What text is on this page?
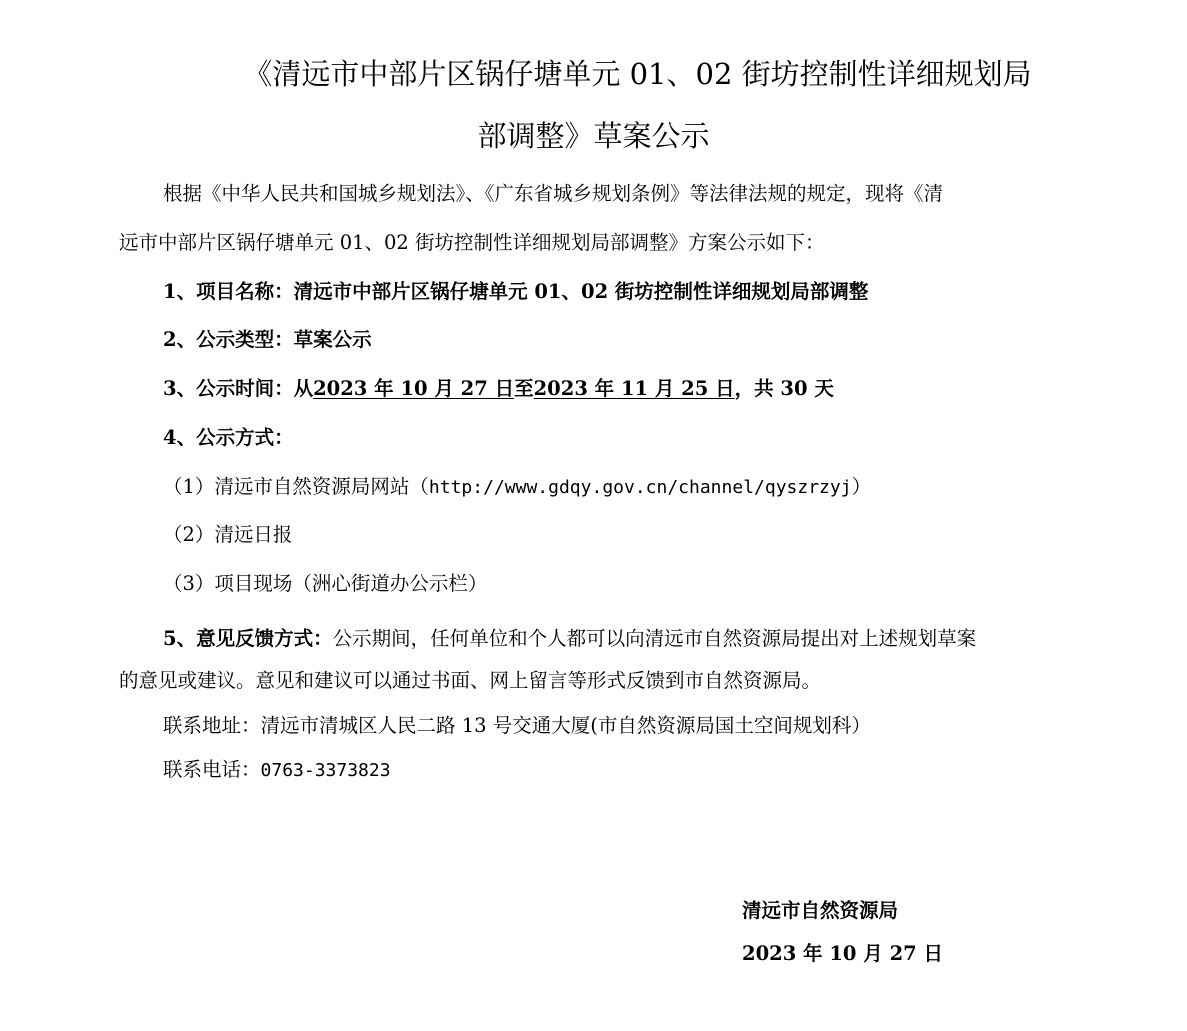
《清远市中部片区锅仔塘单元 01、02 街坊控制性详细规划局
部调整》草案公示
根据《中华人民共和国城乡规划法》、《广东省城乡规划条例》等法律法规的规定，现将《清
远市中部片区锅仔塘单元 01、02 街坊控制性详细规划局部调整》方案公示如下：
1、项目名称：清远市中部片区锅仔塘单元 01、02 街坊控制性详细规划局部调整
2、公示类型：草案公示
3、公示时间：从2023 年 10 月 27 日至2023 年 11 月 25 日，共 30 天
4、公示方式：
（1）清远市自然资源局网站（http://www.gdqy.gov.cn/channel/qyszrzyj）
（2）清远日报
（3）项目现场（洲心街道办公示栏）
5、意见反馈方式：公示期间，任何单位和个人都可以向清远市自然资源局提出对上述规划草案
的意见或建议。意见和建议可以通过书面、网上留言等形式反馈到市自然资源局。
联系地址：清远市清城区人民二路 13 号交通大厦(市自然资源局国土空间规划科）
联系电话：0763-3373823
清远市自然资源局
2023 年 10 月 27 日
